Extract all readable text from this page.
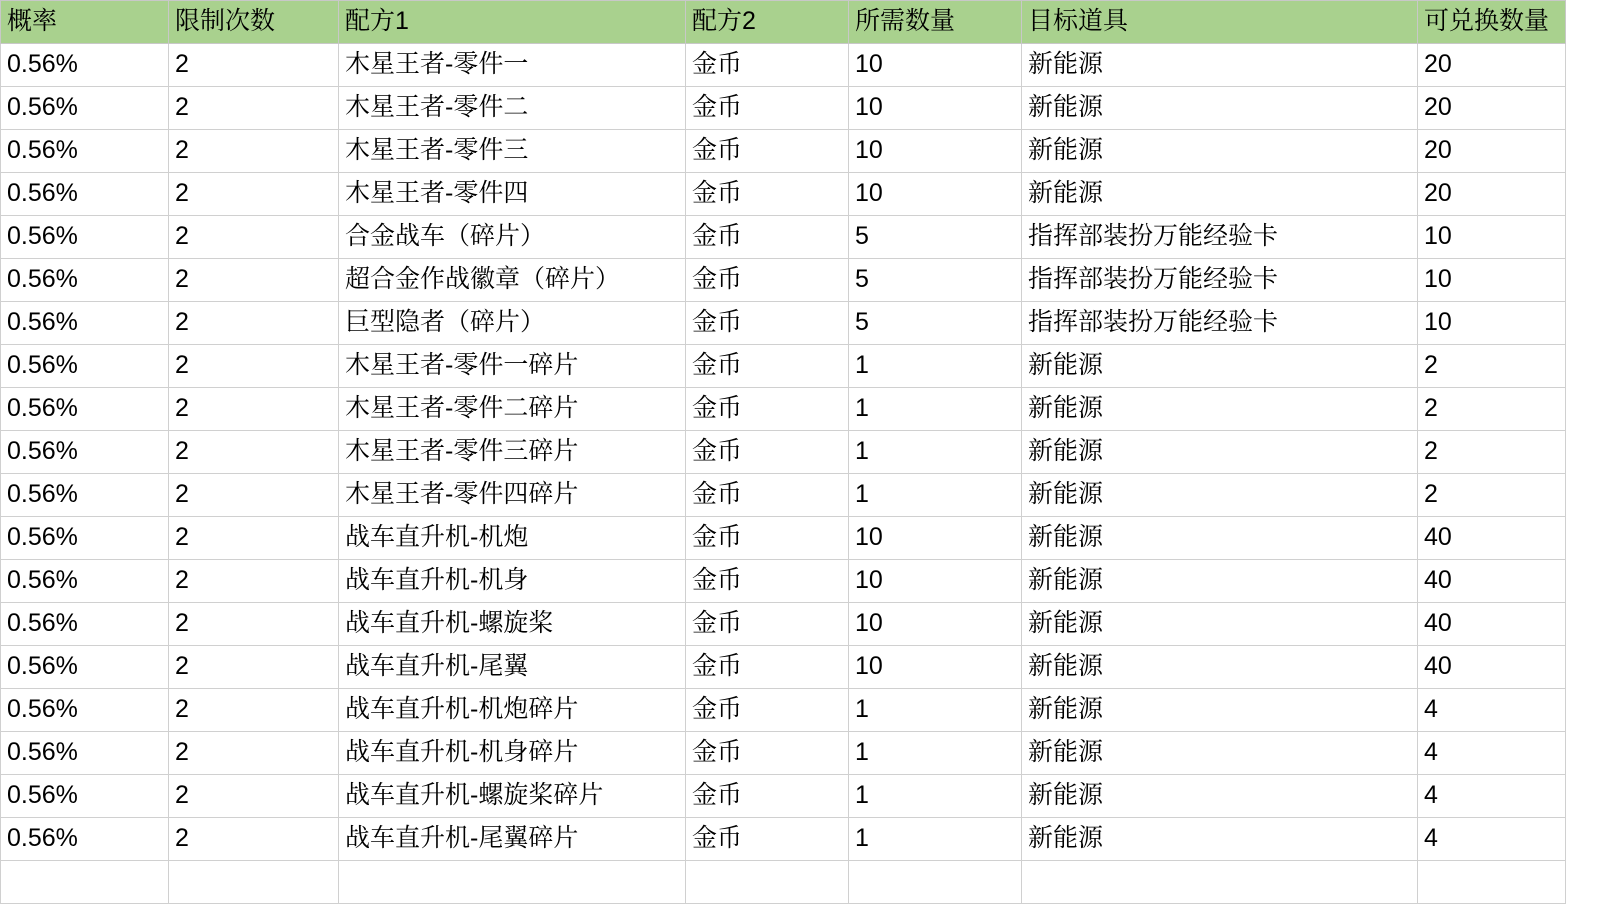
概率	限制次数	配方1	配方2	所需数量	目标道具	可兑换数量
0.56%	2	木星王者-零件一	金币	10	新能源	20
0.56%	2	木星王者-零件二	金币	10	新能源	20
0.56%	2	木星王者-零件三	金币	10	新能源	20
0.56%	2	木星王者-零件四	金币	10	新能源	20
0.56%	2	合金战车（碎片）	金币	5	指挥部装扮万能经验卡	10
0.56%	2	超合金作战徽章（碎片）	金币	5	指挥部装扮万能经验卡	10
0.56%	2	巨型隐者（碎片）	金币	5	指挥部装扮万能经验卡	10
0.56%	2	木星王者-零件一碎片	金币	1	新能源	2
0.56%	2	木星王者-零件二碎片	金币	1	新能源	2
0.56%	2	木星王者-零件三碎片	金币	1	新能源	2
0.56%	2	木星王者-零件四碎片	金币	1	新能源	2
0.56%	2	战车直升机-机炮	金币	10	新能源	40
0.56%	2	战车直升机-机身	金币	10	新能源	40
0.56%	2	战车直升机-螺旋桨	金币	10	新能源	40
0.56%	2	战车直升机-尾翼	金币	10	新能源	40
0.56%	2	战车直升机-机炮碎片	金币	1	新能源	4
0.56%	2	战车直升机-机身碎片	金币	1	新能源	4
0.56%	2	战车直升机-螺旋桨碎片	金币	1	新能源	4
0.56%	2	战车直升机-尾翼碎片	金币	1	新能源	4
